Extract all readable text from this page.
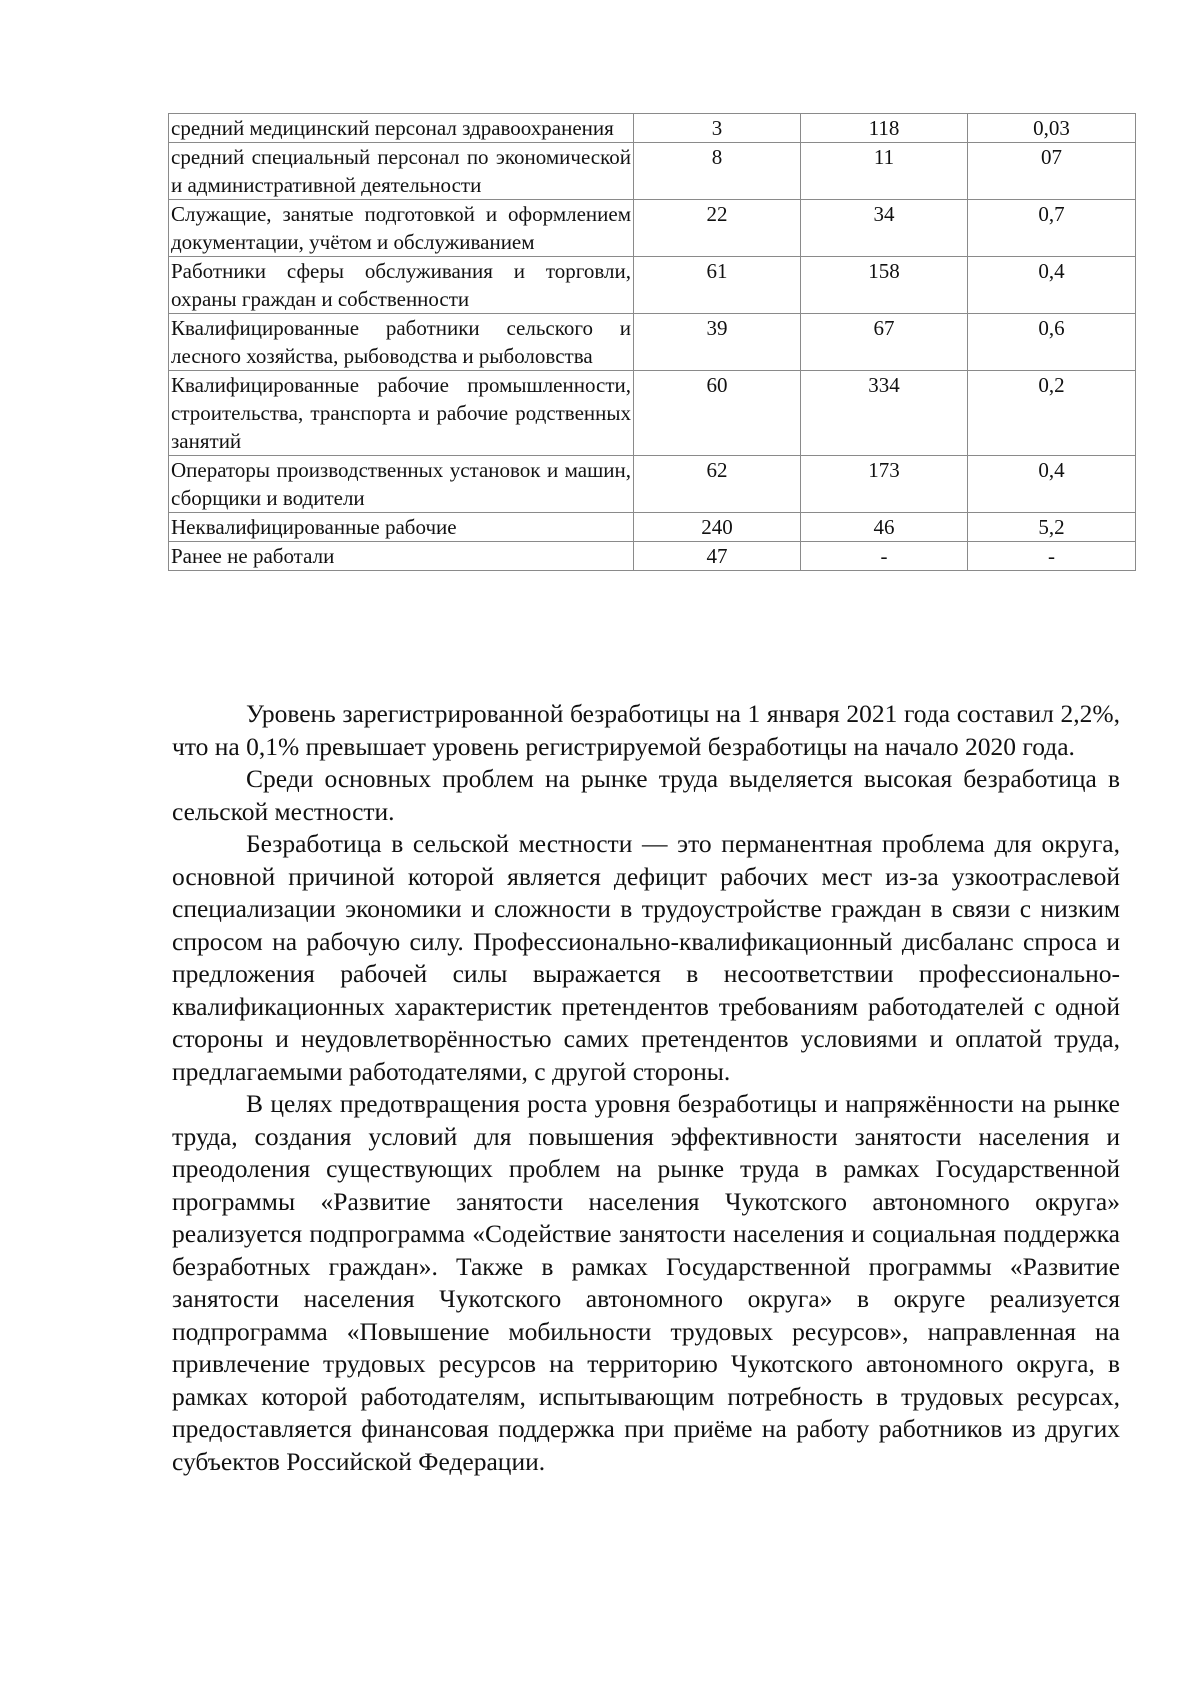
средний медицинский персонал здравоохранения	3	118	0,03
средний специальный персонал по экономической и административной деятельности	8	11	07
Служащие, занятые подготовкой и оформлением документации, учётом и обслуживанием	22	34	0,7
Работники сферы обслуживания и торговли, охраны граждан и собственности	61	158	0,4
Квалифицированные работники сельского и лесного хозяйства, рыбоводства и рыболовства	39	67	0,6
Квалифицированные рабочие промышленности, строительства, транспорта и рабочие родственных занятий	60	334	0,2
Операторы производственных установок и машин, сборщики и водители	62	173	0,4
Неквалифицированные рабочие	240	46	5,2
Ранее не работали	47	-	-

Уровень зарегистрированной безработицы на 1 января 2021 года составил 2,2%, что на 0,1% превышает уровень регистрируемой безработицы на начало 2020 года.

Среди основных проблем на рынке труда выделяется высокая безработица в сельской местности.

Безработица в сельской местности — это перманентная проблема для округа, основной причиной которой является дефицит рабочих мест из-за узкоотраслевой специализации экономики и сложности в трудоустройстве граждан в связи с низким спросом на рабочую силу. Профессионально-квалификационный дисбаланс спроса и предложения рабочей силы выражается в несоответствии профессионально-квалификационных характеристик претендентов требованиям работодателей с одной стороны и неудовлетворённостью самих претендентов условиями и оплатой труда, предлагаемыми работодателями, с другой стороны.

В целях предотвращения роста уровня безработицы и напряжённости на рынке труда, создания условий для повышения эффективности занятости населения и преодоления существующих проблем на рынке труда в рамках Государственной программы «Развитие занятости населения Чукотского автономного округа» реализуется подпрограмма «Содействие занятости населения и социальная поддержка безработных граждан». Также в рамках Государственной программы «Развитие занятости населения Чукотского автономного округа» в округе реализуется подпрограмма «Повышение мобильности трудовых ресурсов», направленная на привлечение трудовых ресурсов на территорию Чукотского автономного округа, в рамках которой работодателям, испытывающим потребность в трудовых ресурсах, предоставляется финансовая поддержка при приёме на работу работников из других субъектов Российской Федерации.
